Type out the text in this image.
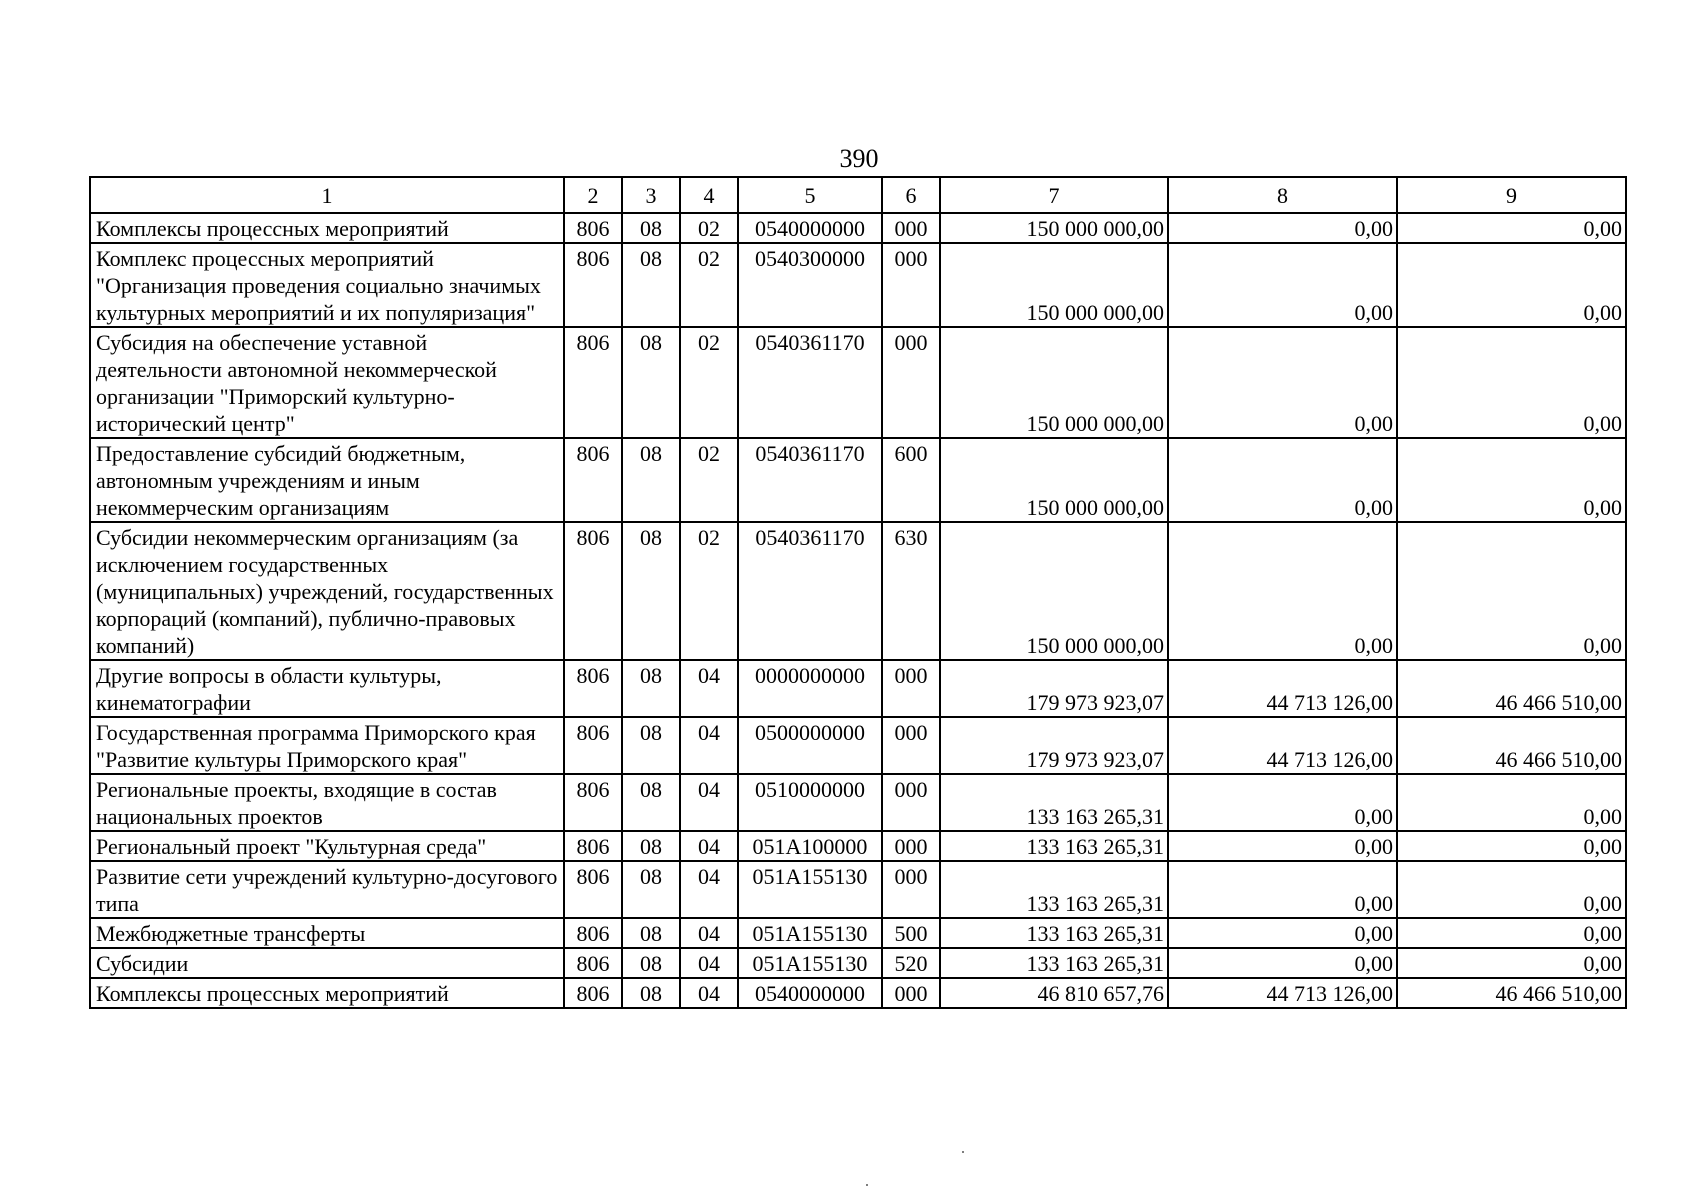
390
1	2	3	4	5	6	7	8	9
Комплексы процессных мероприятий	806	08	02	0540000000	000	150 000 000,00	0,00	0,00
Комплекс процессных мероприятий "Организация проведения социально значимых культурных мероприятий и их популяризация"	806	08	02	0540300000	000	150 000 000,00	0,00	0,00
Субсидия на обеспечение уставной деятельности автономной некоммерческой организации "Приморский культурно-исторический центр"	806	08	02	0540361170	000	150 000 000,00	0,00	0,00
Предоставление субсидий бюджетным, автономным учреждениям и иным некоммерческим организациям	806	08	02	0540361170	600	150 000 000,00	0,00	0,00
Субсидии некоммерческим организациям (за исключением государственных (муниципальных) учреждений, государственных корпораций (компаний), публично-правовых компаний)	806	08	02	0540361170	630	150 000 000,00	0,00	0,00
Другие вопросы в области культуры, кинематографии	806	08	04	0000000000	000	179 973 923,07	44 713 126,00	46 466 510,00
Государственная программа Приморского края "Развитие культуры Приморского края"	806	08	04	0500000000	000	179 973 923,07	44 713 126,00	46 466 510,00
Региональные проекты, входящие в состав национальных проектов	806	08	04	0510000000	000	133 163 265,31	0,00	0,00
Региональный проект "Культурная среда"	806	08	04	051A100000	000	133 163 265,31	0,00	0,00
Развитие сети учреждений культурно-досугового типа	806	08	04	051A155130	000	133 163 265,31	0,00	0,00
Межбюджетные трансферты	806	08	04	051A155130	500	133 163 265,31	0,00	0,00
Субсидии	806	08	04	051A155130	520	133 163 265,31	0,00	0,00
Комплексы процессных мероприятий	806	08	04	0540000000	000	46 810 657,76	44 713 126,00	46 466 510,00
